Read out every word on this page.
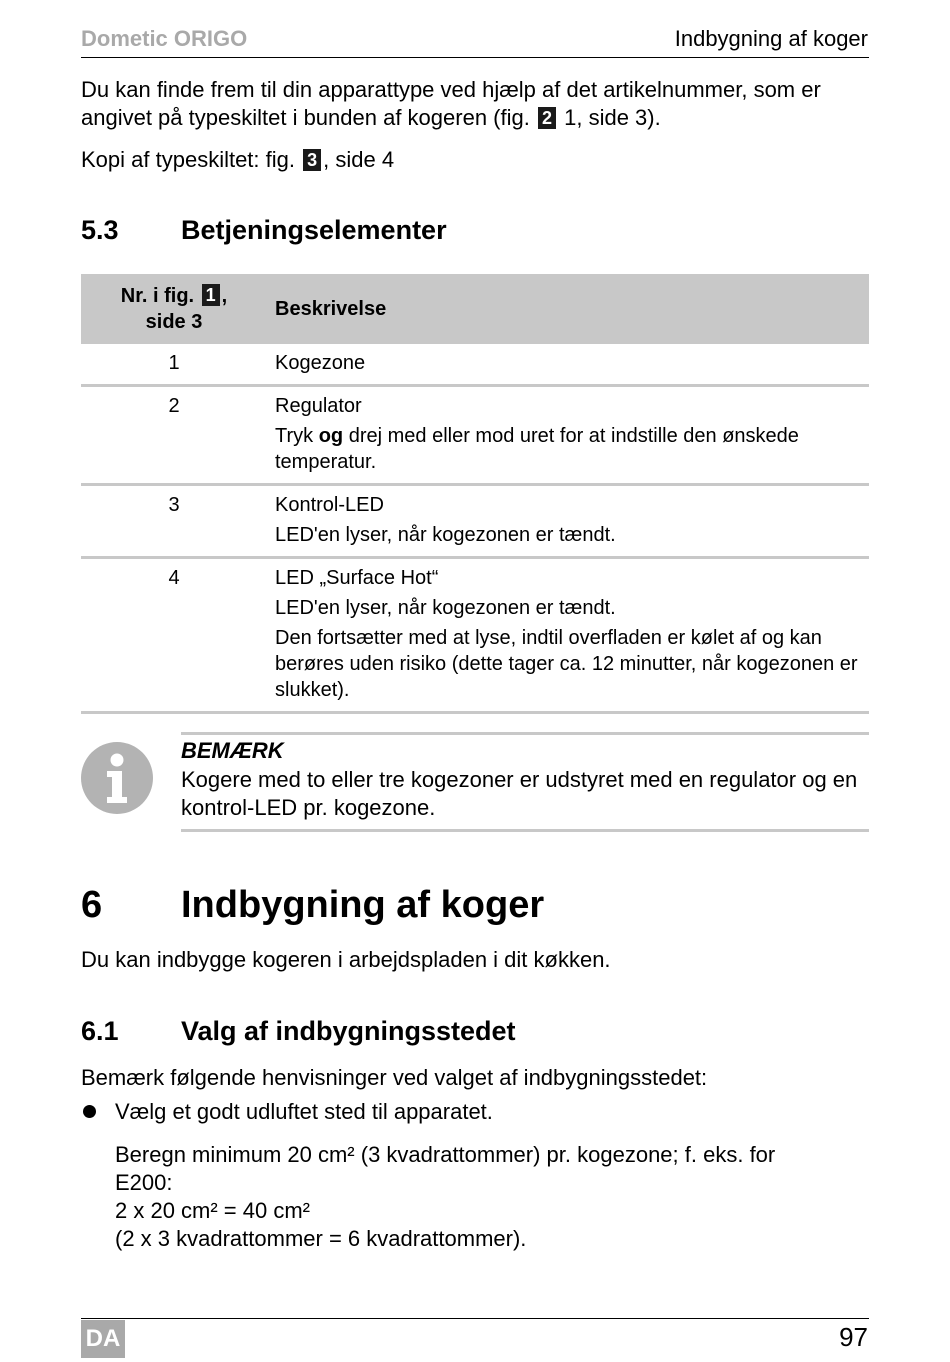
Dometic ORIGO	Indbygning af koger
Du kan finde frem til din apparattype ved hjælp af det artikelnummer, som er
angivet på typeskiltet i bunden af kogeren (fig. 2 1, side 3).
Kopi af typeskiltet: fig. 3 , side 4
5.3 Betjeningselementer
Nr. i fig. 1 ,
side 3	Beskrivelse
1	Kogezone

2	Regulator

Tryk og drej med eller mod uret for at indstille den ønskede temperatur.

3	Kontrol-LED

LED'en lyser, når kogezonen er tændt.

4	LED „Surface Hot“

LED'en lyser, når kogezonen er tændt.

Den fortsætter med at lyse, indtil overfladen er kølet af og kan berøres uden risiko (dette tager ca. 12 minutter, når kogezonen er slukket).

BEMÆRK
Kogere med to eller tre kogezoner er udstyret med en regulator og en kontrol-LED pr. kogezone.
6 Indbygning af koger
Du kan indbygge kogeren i arbejdspladen i dit køkken.
6.1 Valg af indbygningsstedet
Bemærk følgende henvisninger ved valget af indbygningsstedet:
Vælg et godt udluftet sted til apparatet.
Beregn minimum 20 cm² (3 kvadrattommer) pr. kogezone; f. eks. for
E200:
2 x 20 cm² = 40 cm²
(2 x 3 kvadrattommer = 6 kvadrattommer).
DA	97
